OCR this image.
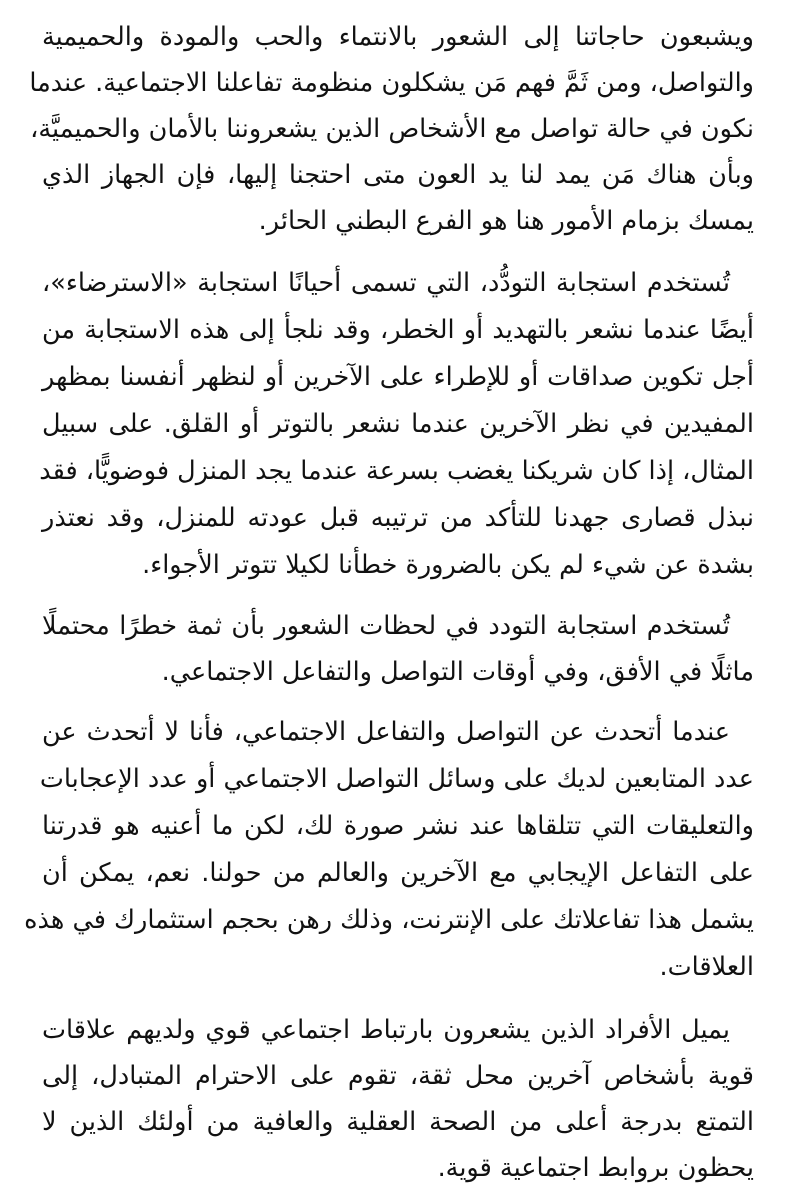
ويشبعون حاجاتنا إلى الشعور بالانتماء والحب والمودة والحميمية
والتواصل، ومن ثَمَّ فهم مَن يشكلون منظومة تفاعلنا الاجتماعية. عندما
نكون في حالة تواصل مع الأشخاص الذين يشعروننا بالأمان والحميميَّة،
وبأن هناك مَن يمد لنا يد العون متى احتجنا إليها، فإن الجهاز الذي
يمسك بزمام الأمور هنا هو الفرع البطني الحائر.

تُستخدم استجابة التودُّد، التي تسمى أحيانًا استجابة «الاسترضاء»،
أيضًا عندما نشعر بالتهديد أو الخطر، وقد نلجأ إلى هذه الاستجابة من
أجل تكوين صداقات أو للإطراء على الآخرين أو لنظهر أنفسنا بمظهر
المفيدين في نظر الآخرين عندما نشعر بالتوتر أو القلق. على سبيل
المثال، إذا كان شريكنا يغضب بسرعة عندما يجد المنزل فوضويًّا، فقد
نبذل قصارى جهدنا للتأكد من ترتيبه قبل عودته للمنزل، وقد نعتذر
بشدة عن شيء لم يكن بالضرورة خطأنا لكيلا تتوتر الأجواء.

تُستخدم استجابة التودد في لحظات الشعور بأن ثمة خطرًا محتملًا
ماثلًا في الأفق، وفي أوقات التواصل والتفاعل الاجتماعي.

عندما أتحدث عن التواصل والتفاعل الاجتماعي، فأنا لا أتحدث عن
عدد المتابعين لديك على وسائل التواصل الاجتماعي أو عدد الإعجابات
والتعليقات التي تتلقاها عند نشر صورة لك، لكن ما أعنيه هو قدرتنا
على التفاعل الإيجابي مع الآخرين والعالم من حولنا. نعم، يمكن أن
يشمل هذا تفاعلاتك على الإنترنت، وذلك رهن بحجم استثمارك في هذه
العلاقات.

يميل الأفراد الذين يشعرون بارتباط اجتماعي قوي ولديهم علاقات
قوية بأشخاص آخرين محل ثقة، تقوم على الاحترام المتبادل، إلى
التمتع بدرجة أعلى من الصحة العقلية والعافية من أولئك الذين لا
يحظون بروابط اجتماعية قوية.
